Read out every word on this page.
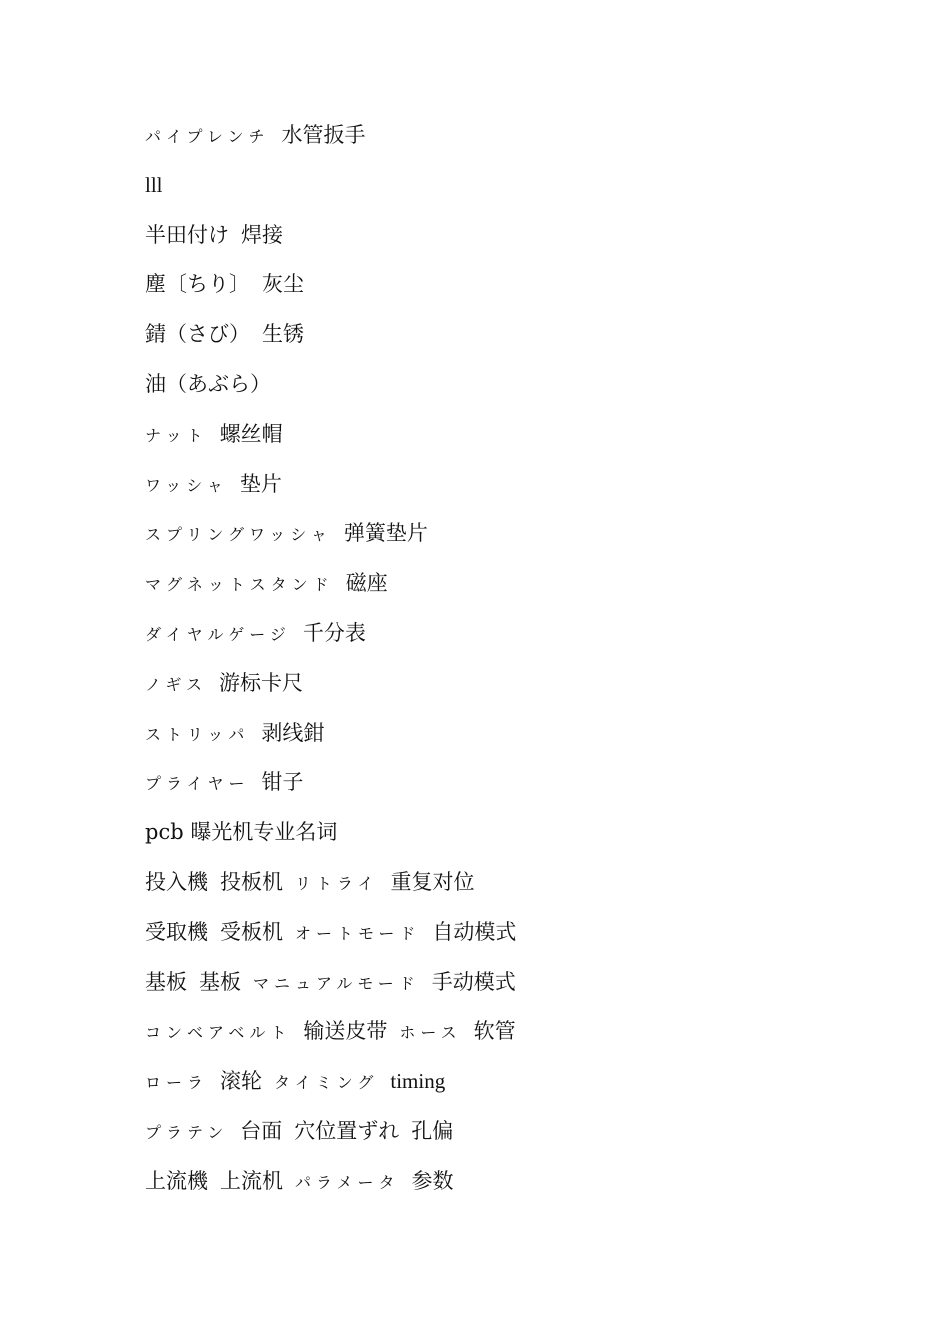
パイプレンチ 水管扳手
lll
半田付け 焊接
塵〔ちり〕 灰尘
錆（さび） 生锈
油（あぶら）
ナット 螺丝帽
ワッシャ 垫片
スプリングワッシャ 弹簧垫片
マグネットスタンド 磁座
ダイヤルゲージ 千分表
ノギス 游标卡尺
ストリッパ 剥线鉗
プライヤー 钳子
pcb 曝光机专业名词
投入機 投板机 リトライ 重复对位
受取機 受板机 オートモード 自动模式
基板 基板 マニュアルモード 手动模式
コンベアベルト 输送皮带 ホース 软管
ローラ 滚轮 タイミング timing
プラテン 台面 穴位置ずれ 孔偏
上流機 上流机 パラメータ 参数
